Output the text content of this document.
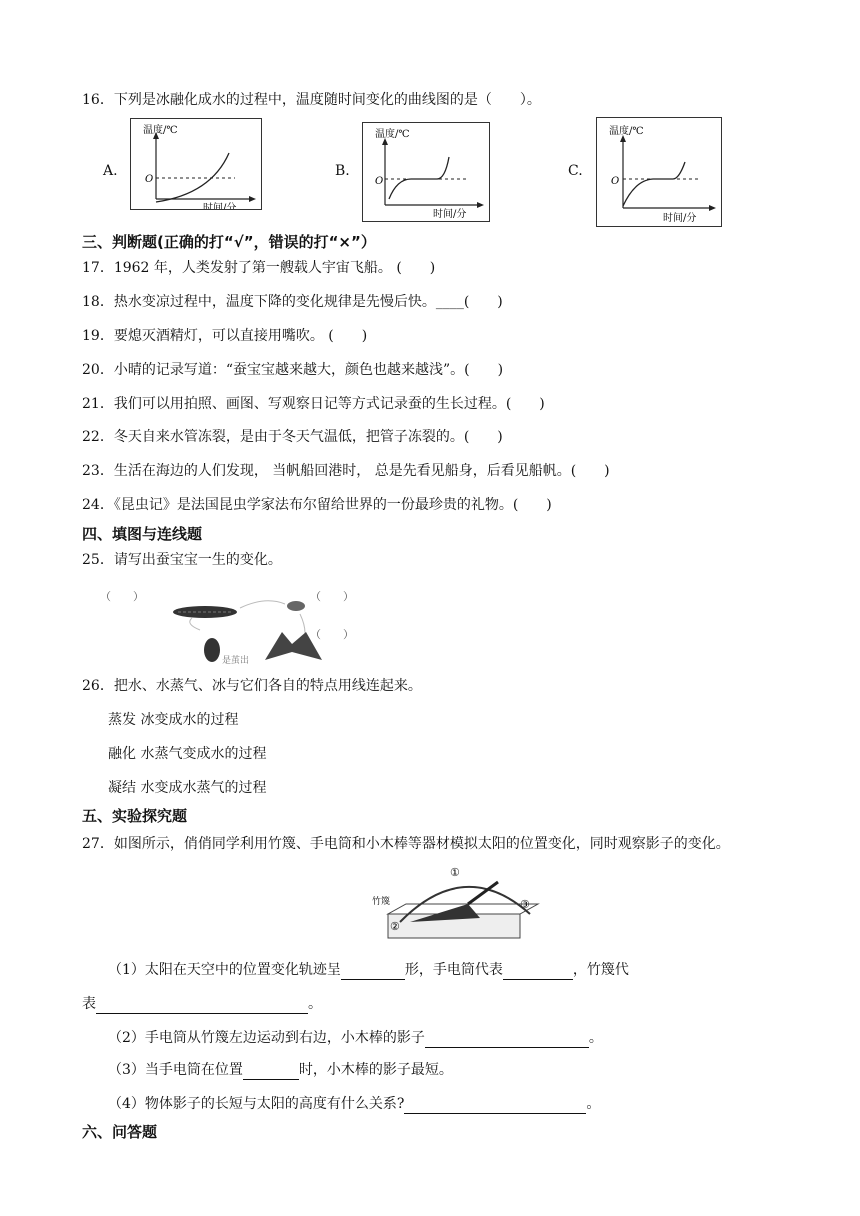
16．下列是冰融化成水的过程中，温度随时间变化的曲线图的是（　　）。
A.
温度/℃
O
时间/分
B.
温度/℃
O
时间/分
C.
温度/℃
O
时间/分
三、判断题(正确的打“√”，错误的打“×”）
17．1962 年，人类发射了第一艘载人宇宙飞船。 (　　)
18．热水变凉过程中，温度下降的变化规律是先慢后快。____(　　)
19．要熄灭酒精灯，可以直接用嘴吹。 (　　)
20．小晴的记录写道：“蚕宝宝越来越大，颜色也越来越浅”。(　　)
21．我们可以用拍照、画图、写观察日记等方式记录蚕的生长过程。(　　)
22．冬天自来水管冻裂，是由于冬天气温低，把管子冻裂的。(　　)
23．生活在海边的人们发现， 当帆船回港时， 总是先看见船身，后看见船帆。(　　)
24．《昆虫记》是法国昆虫学家法布尔留给世界的一份最珍贵的礼物。(　　)
四、填图与连线题
25．请写出蚕宝宝一生的变化。
（　　）	（　　）
（　　）
是茧出
26．把水、水蒸气、冰与它们各自的特点用线连起来。
蒸发 冰变成水的过程
融化 水蒸气变成水的过程
凝结 水变成水蒸气的过程
五、实验探究题
27．如图所示，俏俏同学利用竹篾、手电筒和小木棒等器材模拟太阳的位置变化，同时观察影子的变化。
竹篾
①
②
③
（1）太阳在天空中的位置变化轨迹呈	形，手电筒代表	，竹篾代
表	。
（2）手电筒从竹篾左边运动到右边，小木棒的影子	。
（3）当手电筒在位置	时，小木棒的影子最短。
（4）物体影子的长短与太阳的高度有什么关系?	。
六、问答题
